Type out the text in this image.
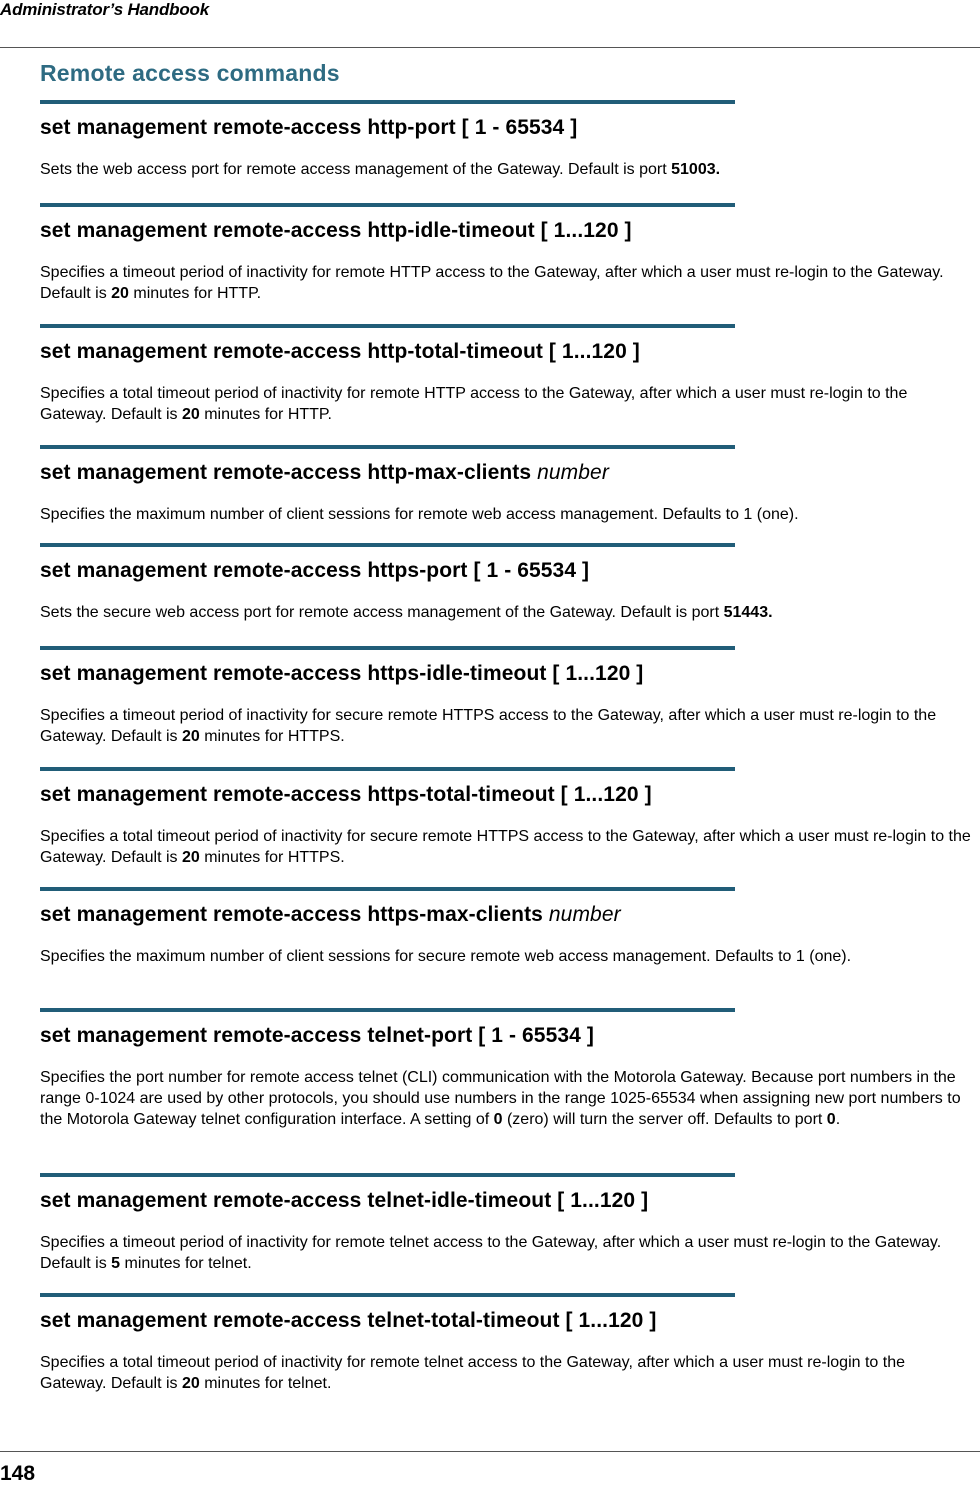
Administrator’s Handbook
Remote access commands
set management remote-access http-port [ 1 - 65534 ]

Sets the web access port for remote access management of the Gateway. Default is port 51003.

set management remote-access http-idle-timeout [ 1...120 ]

Specifies a timeout period of inactivity for remote HTTP access to the Gateway, after which a user must re-login to the Gateway. Default is 20 minutes for HTTP.

set management remote-access http-total-timeout [ 1...120 ]

Specifies a total timeout period of inactivity for remote HTTP access to the Gateway, after which a user must re-login to the Gateway. Default is 20 minutes for HTTP.

set management remote-access http-max-clients number

Specifies the maximum number of client sessions for remote web access management. Defaults to 1 (one).

set management remote-access https-port [ 1 - 65534 ]

Sets the secure web access port for remote access management of the Gateway. Default is port 51443.

set management remote-access https-idle-timeout [ 1...120 ]

Specifies a timeout period of inactivity for secure remote HTTPS access to the Gateway, after which a user must re-login to the Gateway. Default is 20 minutes for HTTPS.

set management remote-access https-total-timeout [ 1...120 ]

Specifies a total timeout period of inactivity for secure remote HTTPS access to the Gateway, after which a user must re-login to the Gateway. Default is 20 minutes for HTTPS.

set management remote-access https-max-clients number

Specifies the maximum number of client sessions for secure remote web access management. Defaults to 1 (one).

set management remote-access telnet-port [ 1 - 65534 ]

Specifies the port number for remote access telnet (CLI) communication with the Motorola Gateway. Because port numbers in the range 0-1024 are used by other protocols, you should use numbers in the range 1025-65534 when assigning new port numbers to the Motorola Gateway telnet configuration interface. A setting of 0 (zero) will turn the server off. Defaults to port 0.

set management remote-access telnet-idle-timeout [ 1...120 ]

Specifies a timeout period of inactivity for remote telnet access to the Gateway, after which a user must re-login to the Gateway. Default is 5 minutes for telnet.

set management remote-access telnet-total-timeout [ 1...120 ]

Specifies a total timeout period of inactivity for remote telnet access to the Gateway, after which a user must re-login to the Gateway. Default is 20 minutes for telnet.

148
